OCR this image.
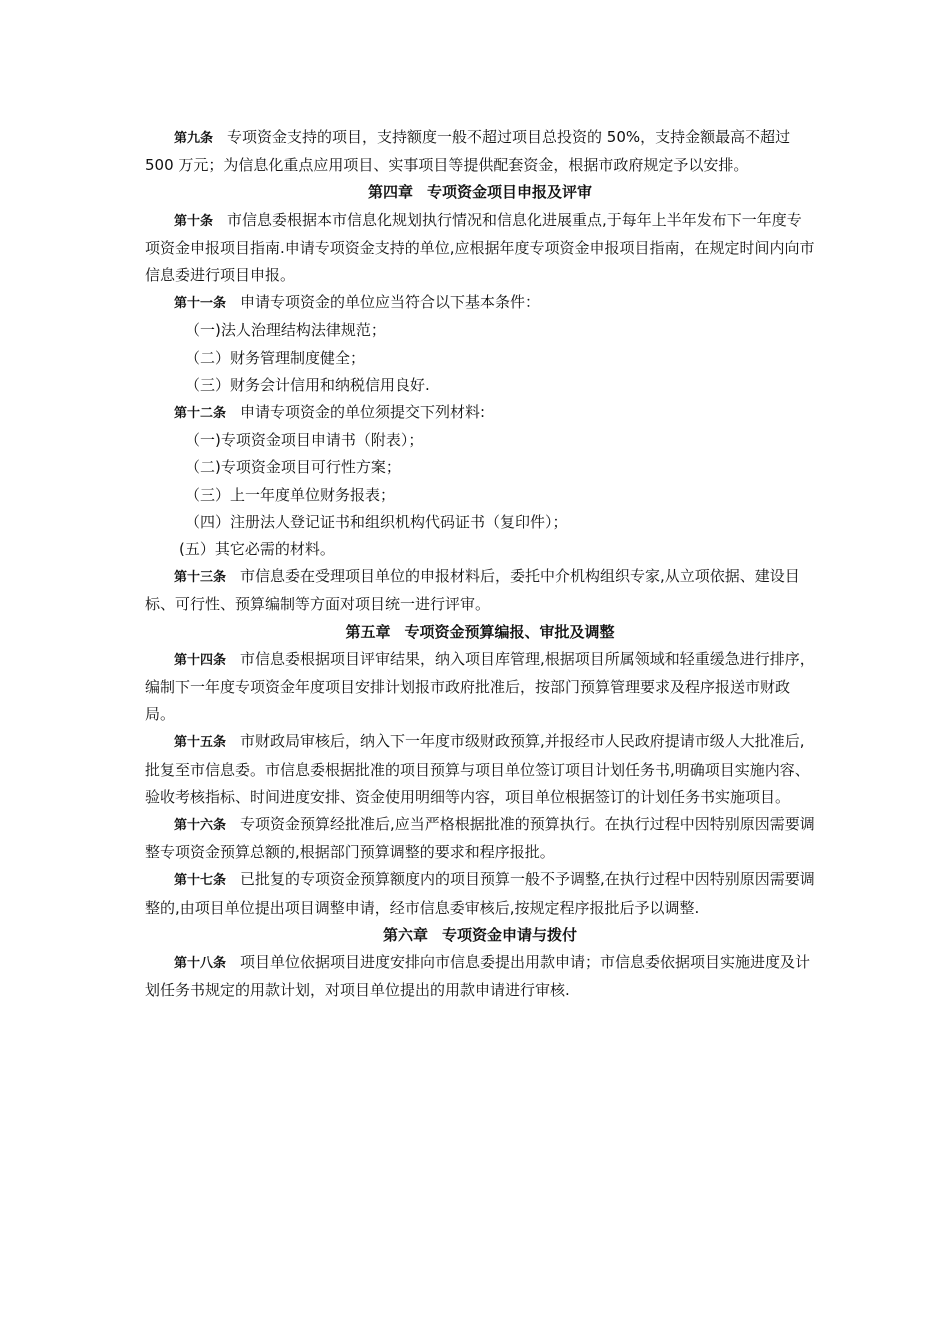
第九条 专项资金支持的项目，支持额度一般不超过项目总投资的 50%，支持金额最高不超过 500 万元；为信息化重点应用项目、实事项目等提供配套资金，根据市政府规定予以安排。

第四章 专项资金项目申报及评审

第十条 市信息委根据本市信息化规划执行情况和信息化进展重点,于每年上半年发布下一年度专项资金申报项目指南.申请专项资金支持的单位,应根据年度专项资金申报项目指南，在规定时间内向市信息委进行项目申报。

第十一条 申请专项资金的单位应当符合以下基本条件：

（一)法人治理结构法律规范；

（二）财务管理制度健全；

（三）财务会计信用和纳税信用良好.

第十二条 申请专项资金的单位须提交下列材料:

（一)专项资金项目申请书（附表）；

（二)专项资金项目可行性方案；

（三）上一年度单位财务报表；

（四）注册法人登记证书和组织机构代码证书（复印件）；

(五）其它必需的材料。

第十三条 市信息委在受理项目单位的申报材料后，委托中介机构组织专家,从立项依据、建设目标、可行性、预算编制等方面对项目统一进行评审。

第五章 专项资金预算编报、审批及调整

第十四条 市信息委根据项目评审结果，纳入项目库管理,根据项目所属领域和轻重缓急进行排序，编制下一年度专项资金年度项目安排计划报市政府批准后，按部门预算管理要求及程序报送市财政局。

第十五条 市财政局审核后，纳入下一年度市级财政预算,并报经市人民政府提请市级人大批准后,批复至市信息委。市信息委根据批准的项目预算与项目单位签订项目计划任务书,明确项目实施内容、验收考核指标、时间进度安排、资金使用明细等内容，项目单位根据签订的计划任务书实施项目。

第十六条 专项资金预算经批准后,应当严格根据批准的预算执行。在执行过程中因特别原因需要调整专项资金预算总额的,根据部门预算调整的要求和程序报批。

第十七条 已批复的专项资金预算额度内的项目预算一般不予调整,在执行过程中因特别原因需要调整的,由项目单位提出项目调整申请，经市信息委审核后,按规定程序报批后予以调整.

第六章 专项资金申请与拨付

第十八条 项目单位依据项目进度安排向市信息委提出用款申请；市信息委依据项目实施进度及计划任务书规定的用款计划，对项目单位提出的用款申请进行审核.
